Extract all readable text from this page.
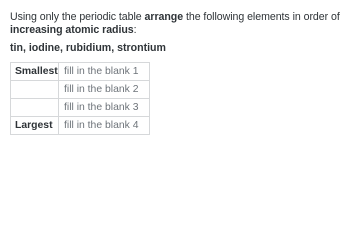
Using only the periodic table arrange the following elements in order of increasing atomic radius:
tin, iodine, rubidium, strontium
Smallest	fill in the blank 1
	fill in the blank 2
	fill in the blank 3
Largest	fill in the blank 4
